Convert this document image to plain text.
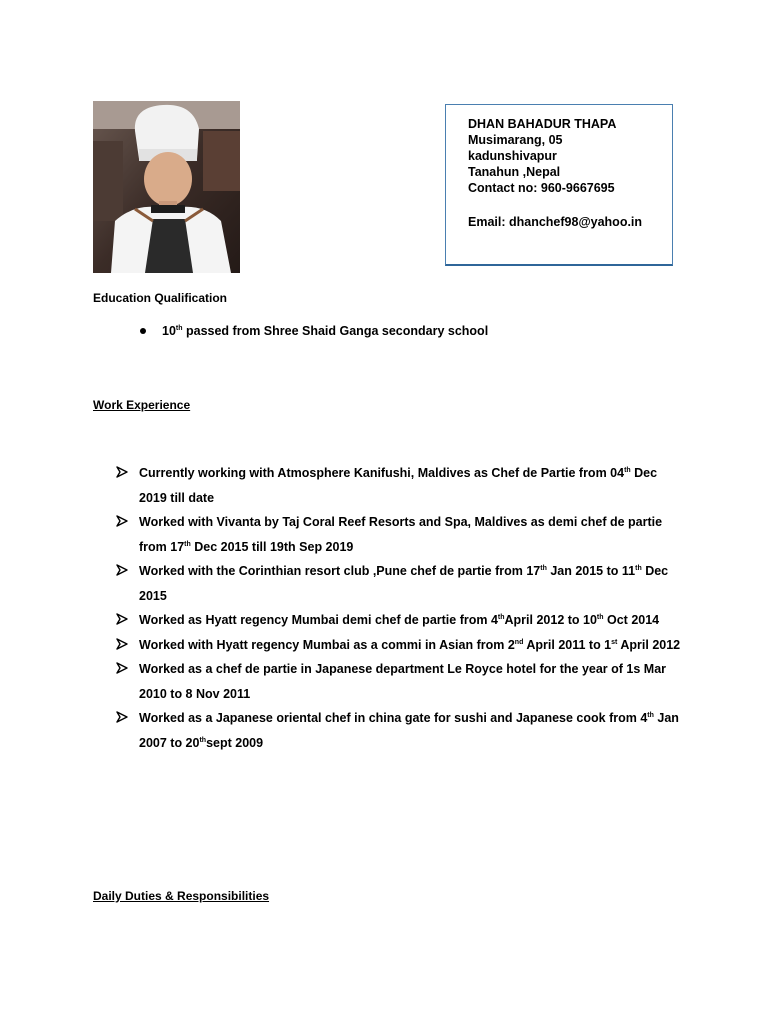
DHAN BAHADUR THAPA
Musimarang, 05
kadunshivapur
Tanahun ,Nepal
Contact no: 960-9667695
Email: dhanchef98@yahoo.in
Education Qualification
10th passed from Shree Shaid Ganga secondary school
Work Experience
Currently working with Atmosphere Kanifushi, Maldives as Chef de Partie from 04th Dec 2019 till date
Worked with Vivanta by Taj Coral Reef Resorts and Spa, Maldives as demi chef de partie from 17th Dec 2015 till 19th Sep 2019
Worked with the Corinthian resort club ,Pune chef de partie from 17th Jan 2015 to 11th Dec 2015
Worked as Hyatt regency Mumbai demi chef de partie from 4thApril 2012 to 10th Oct 2014
Worked with Hyatt regency Mumbai as a commi in Asian from 2nd April 2011 to 1st April 2012
Worked as a chef de partie in Japanese department Le Royce hotel for the year of 1s Mar 2010 to 8 Nov 2011
Worked as a Japanese oriental chef in china gate for sushi and Japanese cook from 4th Jan 2007 to 20thsept 2009
Daily Duties & Responsibilities
